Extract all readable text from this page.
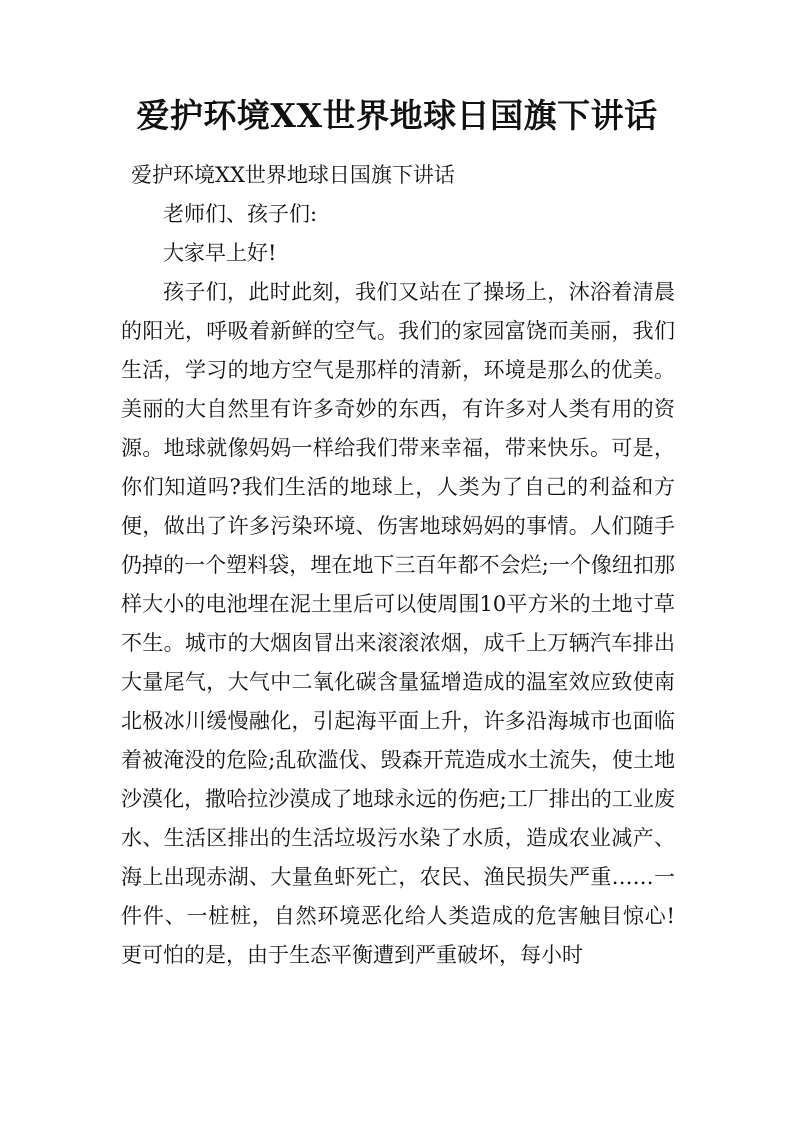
爱护环境XX世界地球日国旗下讲话

爱护环境XX世界地球日国旗下讲话

老师们、孩子们:

大家早上好!

孩子们，此时此刻，我们又站在了操场上，沐浴着清晨的阳光，呼吸着新鲜的空气。我们的家园富饶而美丽，我们生活，学习的地方空气是那样的清新，环境是那么的优美。美丽的大自然里有许多奇妙的东西，有许多对人类有用的资源。地球就像妈妈一样给我们带来幸福，带来快乐。可是，你们知道吗?我们生活的地球上，人类为了自己的利益和方便，做出了许多污染环境、伤害地球妈妈的事情。人们随手仍掉的一个塑料袋，埋在地下三百年都不会烂;一个像纽扣那样大小的电池埋在泥土里后可以使周围10平方米的土地寸草不生。城市的大烟囱冒出来滚滚浓烟，成千上万辆汽车排出大量尾气，大气中二氧化碳含量猛增造成的温室效应致使南北极冰川缓慢融化，引起海平面上升，许多沿海城市也面临着被淹没的危险;乱砍滥伐、毁森开荒造成水土流失，使土地沙漠化，撒哈拉沙漠成了地球永远的伤疤;工厂排出的工业废水、生活区排出的生活垃圾污水染了水质，造成农业减产、海上出现赤湖、大量鱼虾死亡，农民、渔民损失严重……一件件、一桩桩，自然环境恶化给人类造成的危害触目惊心!更可怕的是，由于生态平衡遭到严重破坏，每小时
